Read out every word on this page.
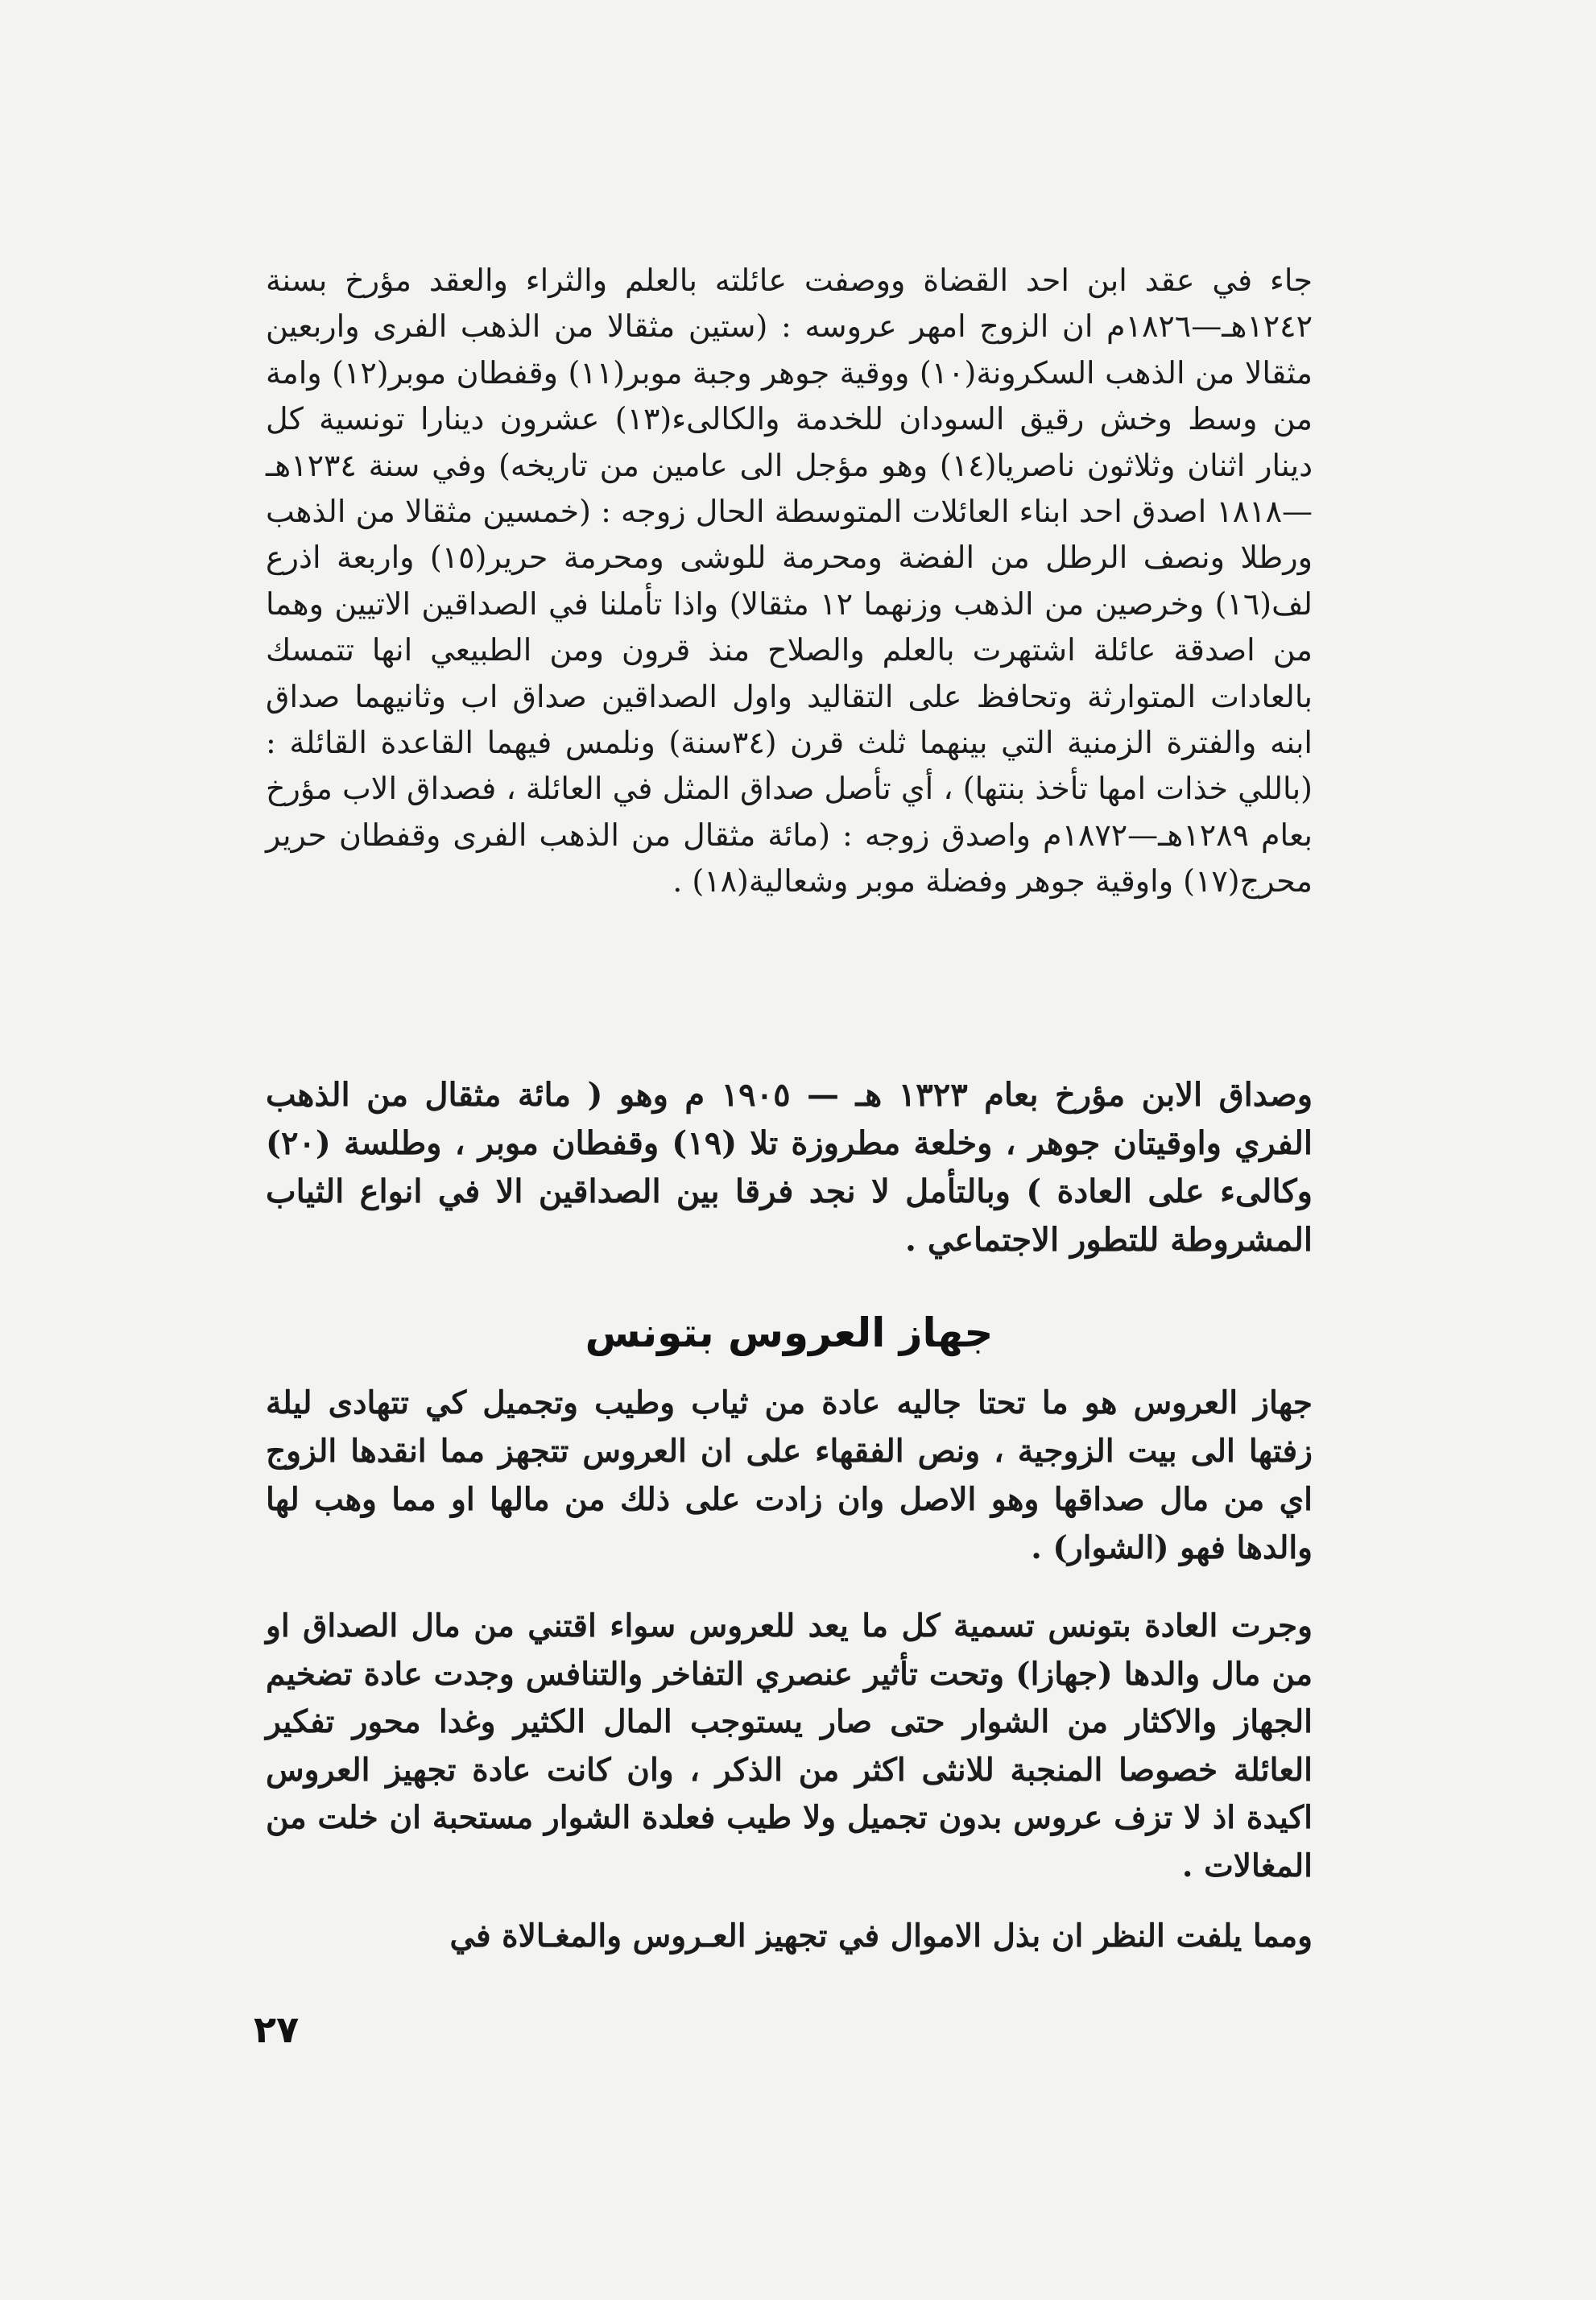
جاء في عقد ابن احد القضاة ووصفت عائلته بالعلم والثراء والعقد مؤرخ بسنة ١٢٤٢هـ—١٨٢٦م ان الزوج امهر عروسه : (ستين مثقالا من الذهب الفرى واربعين مثقالا من الذهب السكرونة(١٠) ووقية جوهر وجبة موبر(١١) وقفطان موبر(١٢) وامة من وسط وخش رقيق السودان للخدمة والكالىء(١٣) عشرون دينارا تونسية كل دينار اثنان وثلاثون ناصريا(١٤) وهو مؤجل الى عامين من تاريخه) وفي سنة ١٢٣٤هـ—١٨١٨ اصدق احد ابناء العائلات المتوسطة الحال زوجه : (خمسين مثقالا من الذهب ورطلا ونصف الرطل من الفضة ومحرمة للوشى ومحرمة حرير(١٥) واربعة اذرع لف(١٦) وخرصين من الذهب وزنهما ١٢ مثقالا) واذا تأملنا في الصداقين الاتيين وهما من اصدقة عائلة اشتهرت بالعلم والصلاح منذ قرون ومن الطبيعي انها تتمسك بالعادات المتوارثة وتحافظ على التقاليد واول الصداقين صداق اب وثانيهما صداق ابنه والفترة الزمنية التي بينهما ثلث قرن (٣٤سنة) ونلمس فيهما القاعدة القائلة : (باللي خذات امها تأخذ بنتها) ، أي تأصل صداق المثل في العائلة ، فصداق الاب مؤرخ بعام ١٢٨٩هـ—١٨٧٢م واصدق زوجه : (مائة مثقال من الذهب الفرى وقفطان حرير محرج(١٧) واوقية جوهر وفضلة موبر وشعالية(١٨) .

وصداق الابن مؤرخ بعام ١٣٢٣ هـ — ١٩٠٥ م وهو ( مائة مثقال من الذهب الفري واوقيتان جوهر ، وخلعة مطروزة تلا (١٩) وقفطان موبر ، وطلسة (٢٠) وكالىء على العادة ) وبالتأمل لا نجد فرقا بين الصداقين الا في انواع الثياب المشروطة للتطور الاجتماعي .

جهاز العروس بتونس

جهاز العروس هو ما تحتا جاليه عادة من ثياب وطيب وتجميل كي تتهادى ليلة زفتها الى بيت الزوجية ، ونص الفقهاء على ان العروس تتجهز مما انقدها الزوج اي من مال صداقها وهو الاصل وان زادت على ذلك من مالها او مما وهب لها والدها فهو (الشوار) .

وجرت العادة بتونس تسمية كل ما يعد للعروس سواء اقتني من مال الصداق او من مال والدها (جهازا) وتحت تأثير عنصري التفاخر والتنافس وجدت عادة تضخيم الجهاز والاكثار من الشوار حتى صار يستوجب المال الكثير وغدا محور تفكير العائلة خصوصا المنجبة للانثى اكثر من الذكر ، وان كانت عادة تجهيز العروس اكيدة اذ لا تزف عروس بدون تجميل ولا طيب فعلدة الشوار مستحبة ان خلت من المغالات .

ومما يلفت النظر ان بذل الاموال في تجهيز العـروس والمغـالاة في

٢٧
